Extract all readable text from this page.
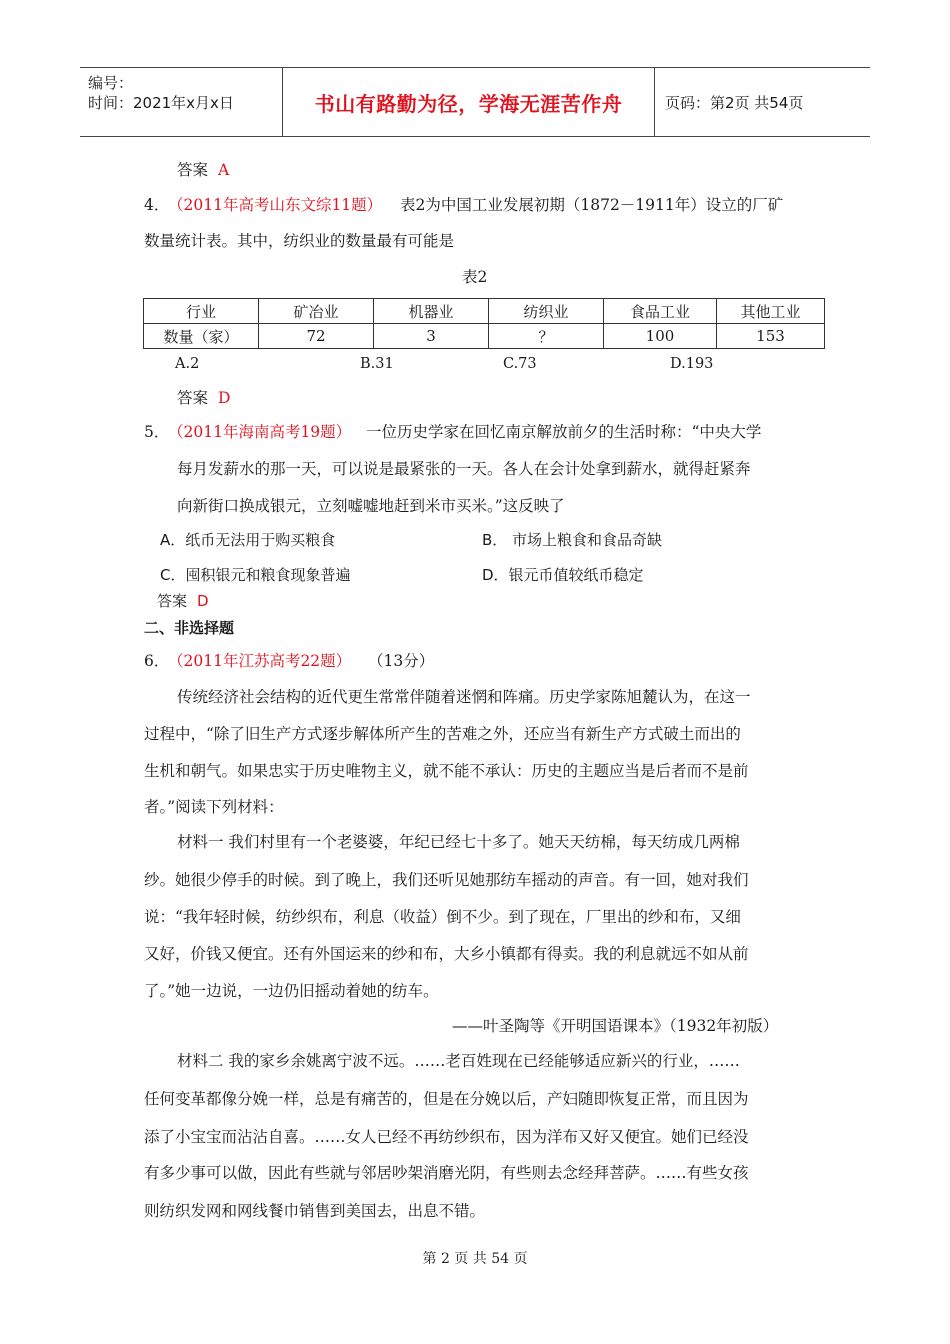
编号：
时间：2021年x月x日	书山有路勤为径，学海无涯苦作舟	页码：第2页 共54页
答案 A
4．
（2011年高考山东文综11题） 表2为中国工业发展初期（1872－1911年）设立的厂矿
数量统计表。其中，纺织业的数量最有可能是
表2
行业	矿冶业	机器业	纺织业	食品工业	其他工业
数量（家）	72	3	？	100	153
A.2	B.31	C.73	D.193
答案 D
5．
（2011年海南高考19题） 一位历史学家在回忆南京解放前夕的生活时称：“中央大学
每月发薪水的那一天，可以说是最紧张的一天。各人在会计处拿到薪水，就得赶紧奔
向新街口换成银元，立刻嘘嘘地赶到米市买米。”这反映了
A．纸币无法用于购买粮食	B． 市场上粮食和食品奇缺
C．囤积银元和粮食现象普遍	D．银元币值较纸币稳定
答案 D
二、非选择题
6．
（2011年江苏高考22题） （13分）
传统经济社会结构的近代更生常常伴随着迷惘和阵痛。历史学家陈旭麓认为，在这一
过程中，“除了旧生产方式逐步解体所产生的苦难之外，还应当有新生产方式破土而出的
生机和朝气。如果忠实于历史唯物主义，就不能不承认：历史的主题应当是后者而不是前
者。”阅读下列材料：
材料一 我们村里有一个老婆婆，年纪已经七十多了。她天天纺棉，每天纺成几两棉
纱。她很少停手的时候。到了晚上，我们还听见她那纺车摇动的声音。有一回，她对我们
说：“我年轻时候，纺纱织布，利息（收益）倒不少。到了现在，厂里出的纱和布，又细
又好，价钱又便宜。还有外国运来的纱和布，大乡小镇都有得卖。我的利息就远不如从前
了。”她一边说，一边仍旧摇动着她的纺车。
——叶圣陶等《开明国语课本》（1932年初版）
材料二 我的家乡余姚离宁波不远。……老百姓现在已经能够适应新兴的行业，……
任何变革都像分娩一样，总是有痛苦的，但是在分娩以后，产妇随即恢复正常，而且因为
添了小宝宝而沾沾自喜。……女人已经不再纺纱织布，因为洋布又好又便宜。她们已经没
有多少事可以做，因此有些就与邻居吵架消磨光阴，有些则去念经拜菩萨。……有些女孩
则纺织发网和网线餐巾销售到美国去，出息不错。
第 2 页 共 54 页
